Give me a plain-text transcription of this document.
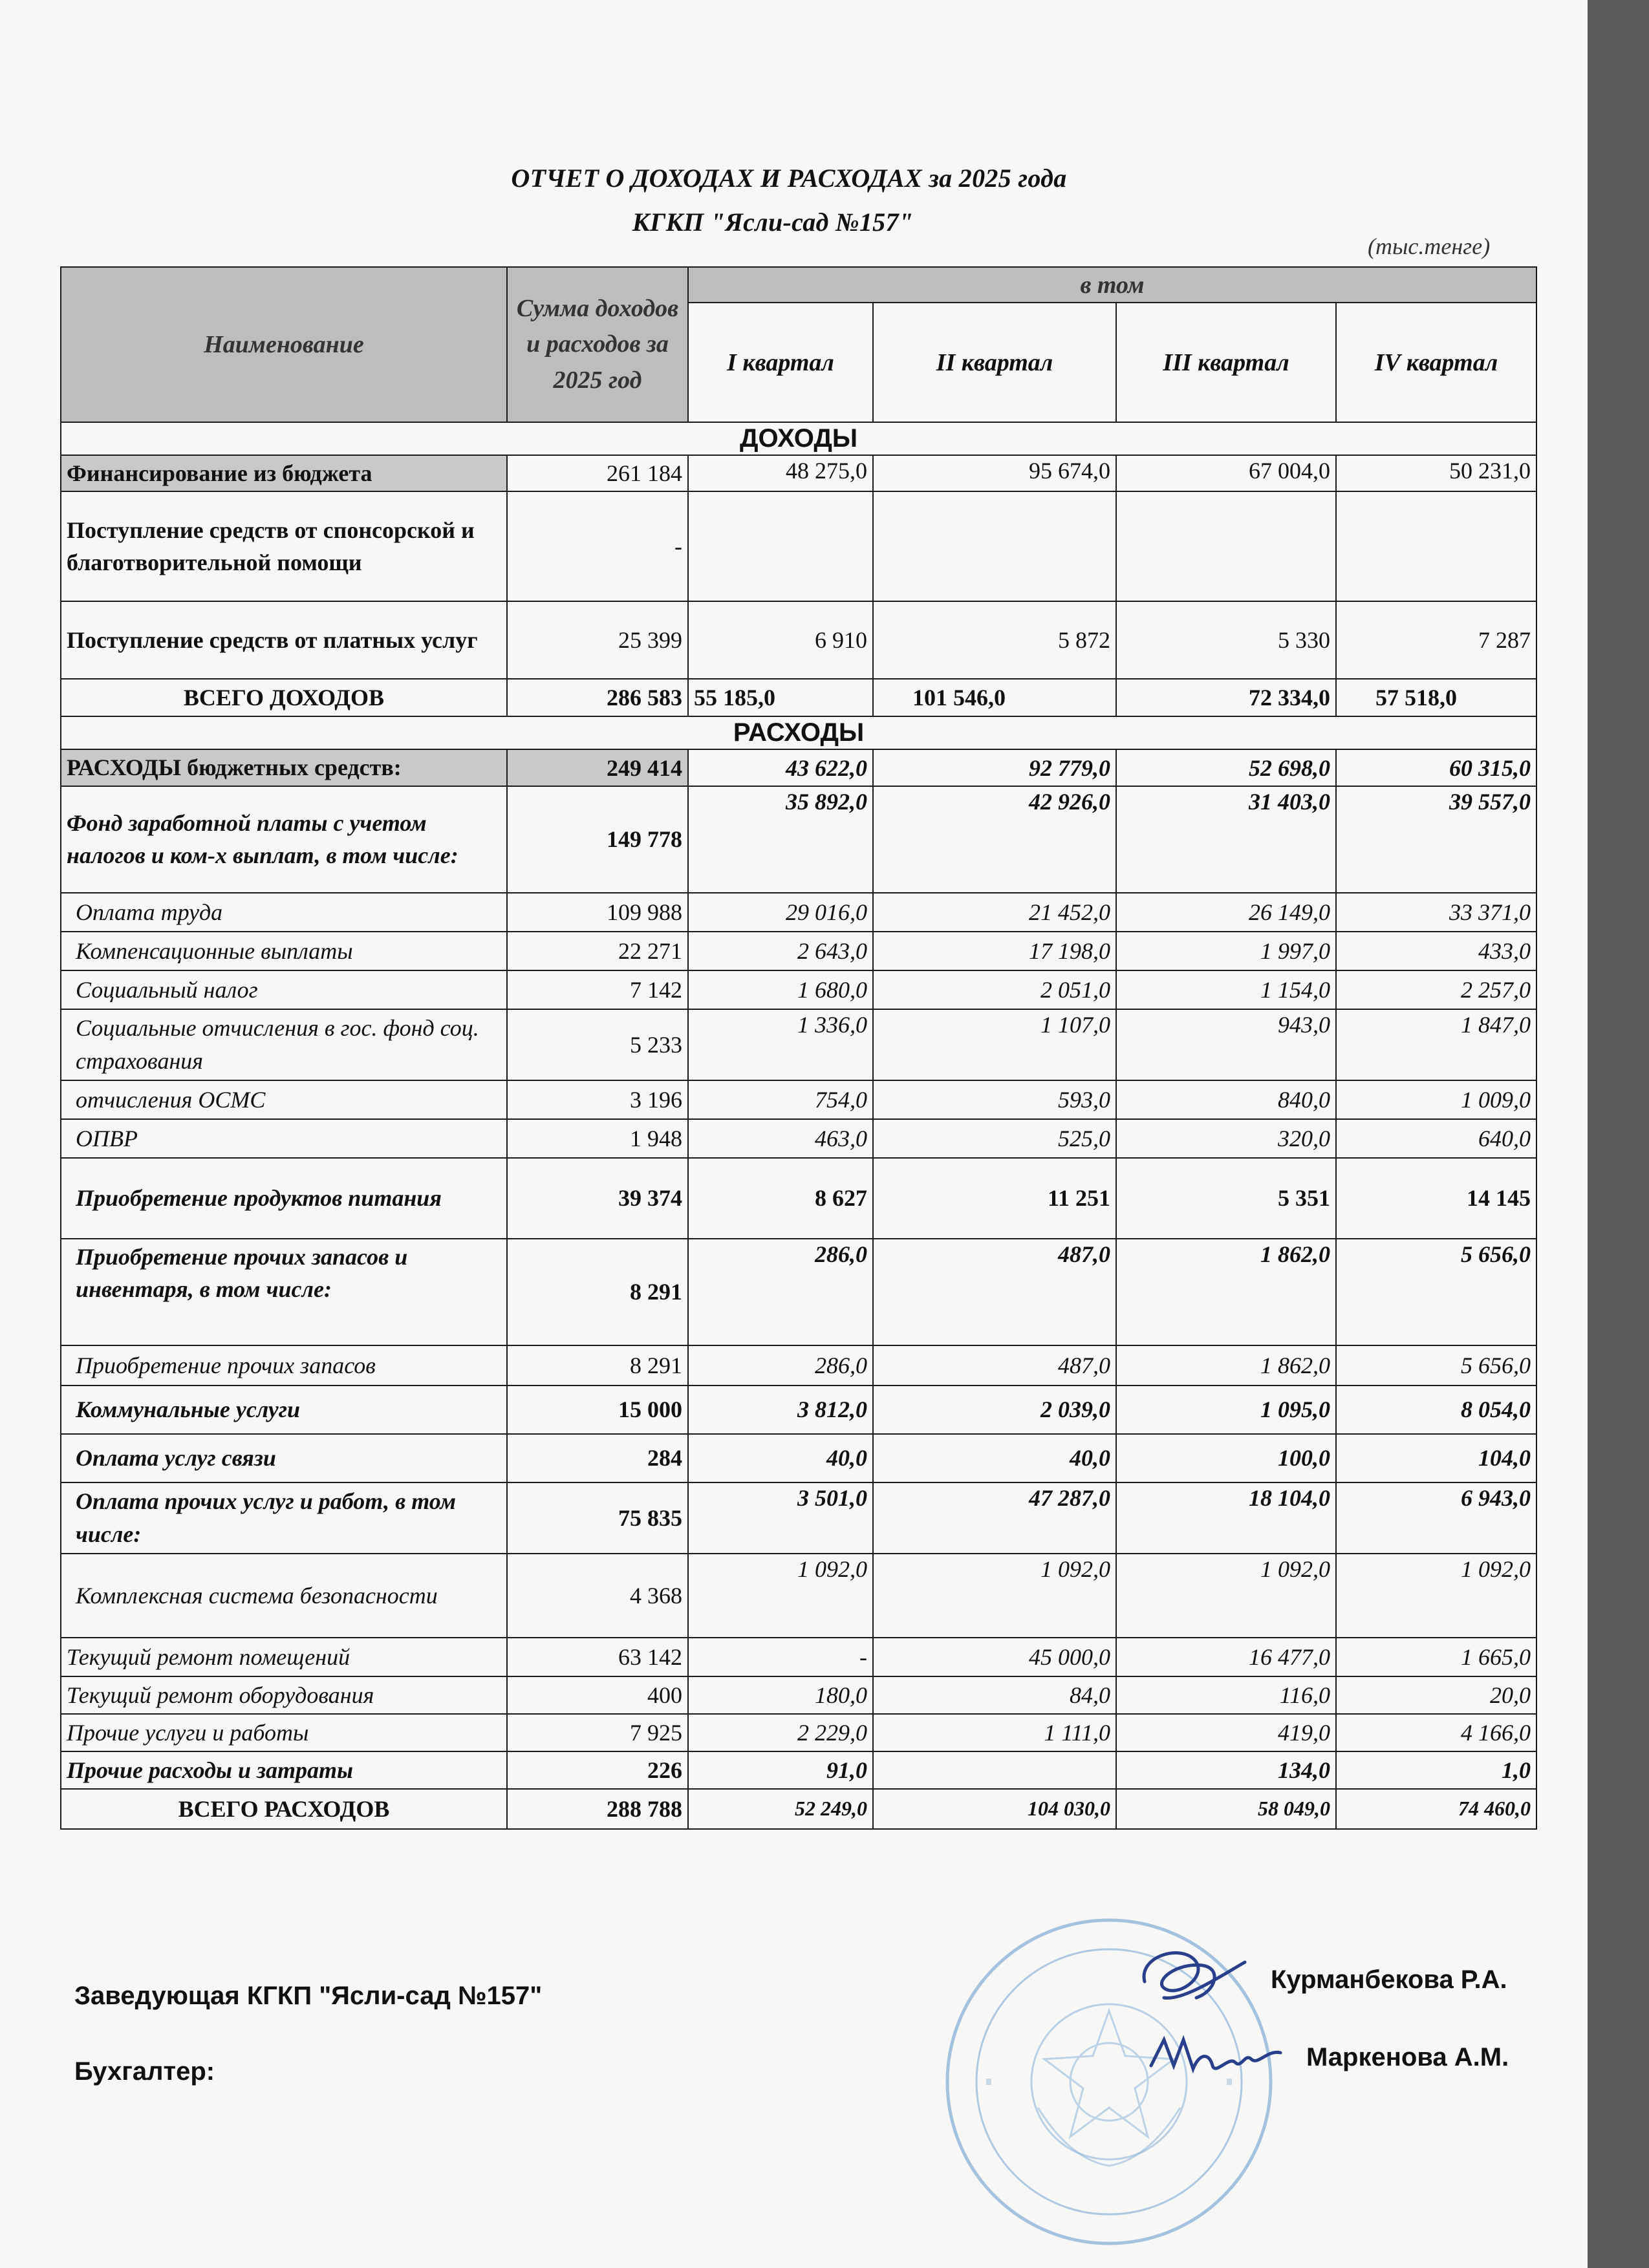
ОТЧЕТ О ДОХОДАХ И РАСХОДАХ за 2025 года
КГКП "Ясли-сад №157"
(тыс.тенге)
Наименование	Сумма доходов и расходов за 2025 год	в том			
		I квартал	II квартал	III квартал	IV квартал
ДОХОДЫ					
Финансирование из бюджета	261 184	48 275,0	95 674,0	67 004,0	50 231,0
Поступление средств от спонсорской и благотворительной помощи	-				
Поступление средств от платных услуг	25 399	6 910	5 872	5 330	7 287
ВСЕГО ДОХОДОВ	286 583	55 185,0	101 546,0	72 334,0	57 518,0
РАСХОДЫ					
РАСХОДЫ бюджетных средств:	249 414	43 622,0	92 779,0	52 698,0	60 315,0
Фонд заработной платы с учетом налогов и ком-х выплат, в том числе:	149 778	35 892,0	42 926,0	31 403,0	39 557,0
Оплата труда	109 988	29 016,0	21 452,0	26 149,0	33 371,0
Компенсационные выплаты	22 271	2 643,0	17 198,0	1 997,0	433,0
Социальный налог	7 142	1 680,0	2 051,0	1 154,0	2 257,0
Социальные отчисления в гос. фонд соц. страхования	5 233	1 336,0	1 107,0	943,0	1 847,0
отчисления ОСМС	3 196	754,0	593,0	840,0	1 009,0
ОПВР	1 948	463,0	525,0	320,0	640,0
Приобретение продуктов питания	39 374	8 627	11 251	5 351	14 145
Приобретение прочих запасов и инвентаря, в том числе:	8 291	286,0	487,0	1 862,0	5 656,0
Приобретение прочих запасов	8 291	286,0	487,0	1 862,0	5 656,0
Коммунальные услуги	15 000	3 812,0	2 039,0	1 095,0	8 054,0
Оплата услуг связи	284	40,0	40,0	100,0	104,0
Оплата прочих услуг и работ, в том числе:	75 835	3 501,0	47 287,0	18 104,0	6 943,0
Комплексная система безопасности	4 368	1 092,0	1 092,0	1 092,0	1 092,0
Текущий ремонт помещений	63 142	-	45 000,0	16 477,0	1 665,0
Текущий ремонт оборудования	400	180,0	84,0	116,0	20,0
Прочие услуги и работы	7 925	2 229,0	1 111,0	419,0	4 166,0
Прочие расходы и затраты	226	91,0		134,0	1,0
ВСЕГО РАСХОДОВ	288 788	52 249,0	104 030,0	58 049,0	74 460,0
Заведующая КГКП "Ясли-сад №157"
Курманбекова Р.А.
Бухгалтер:	Маркенова А.М.
